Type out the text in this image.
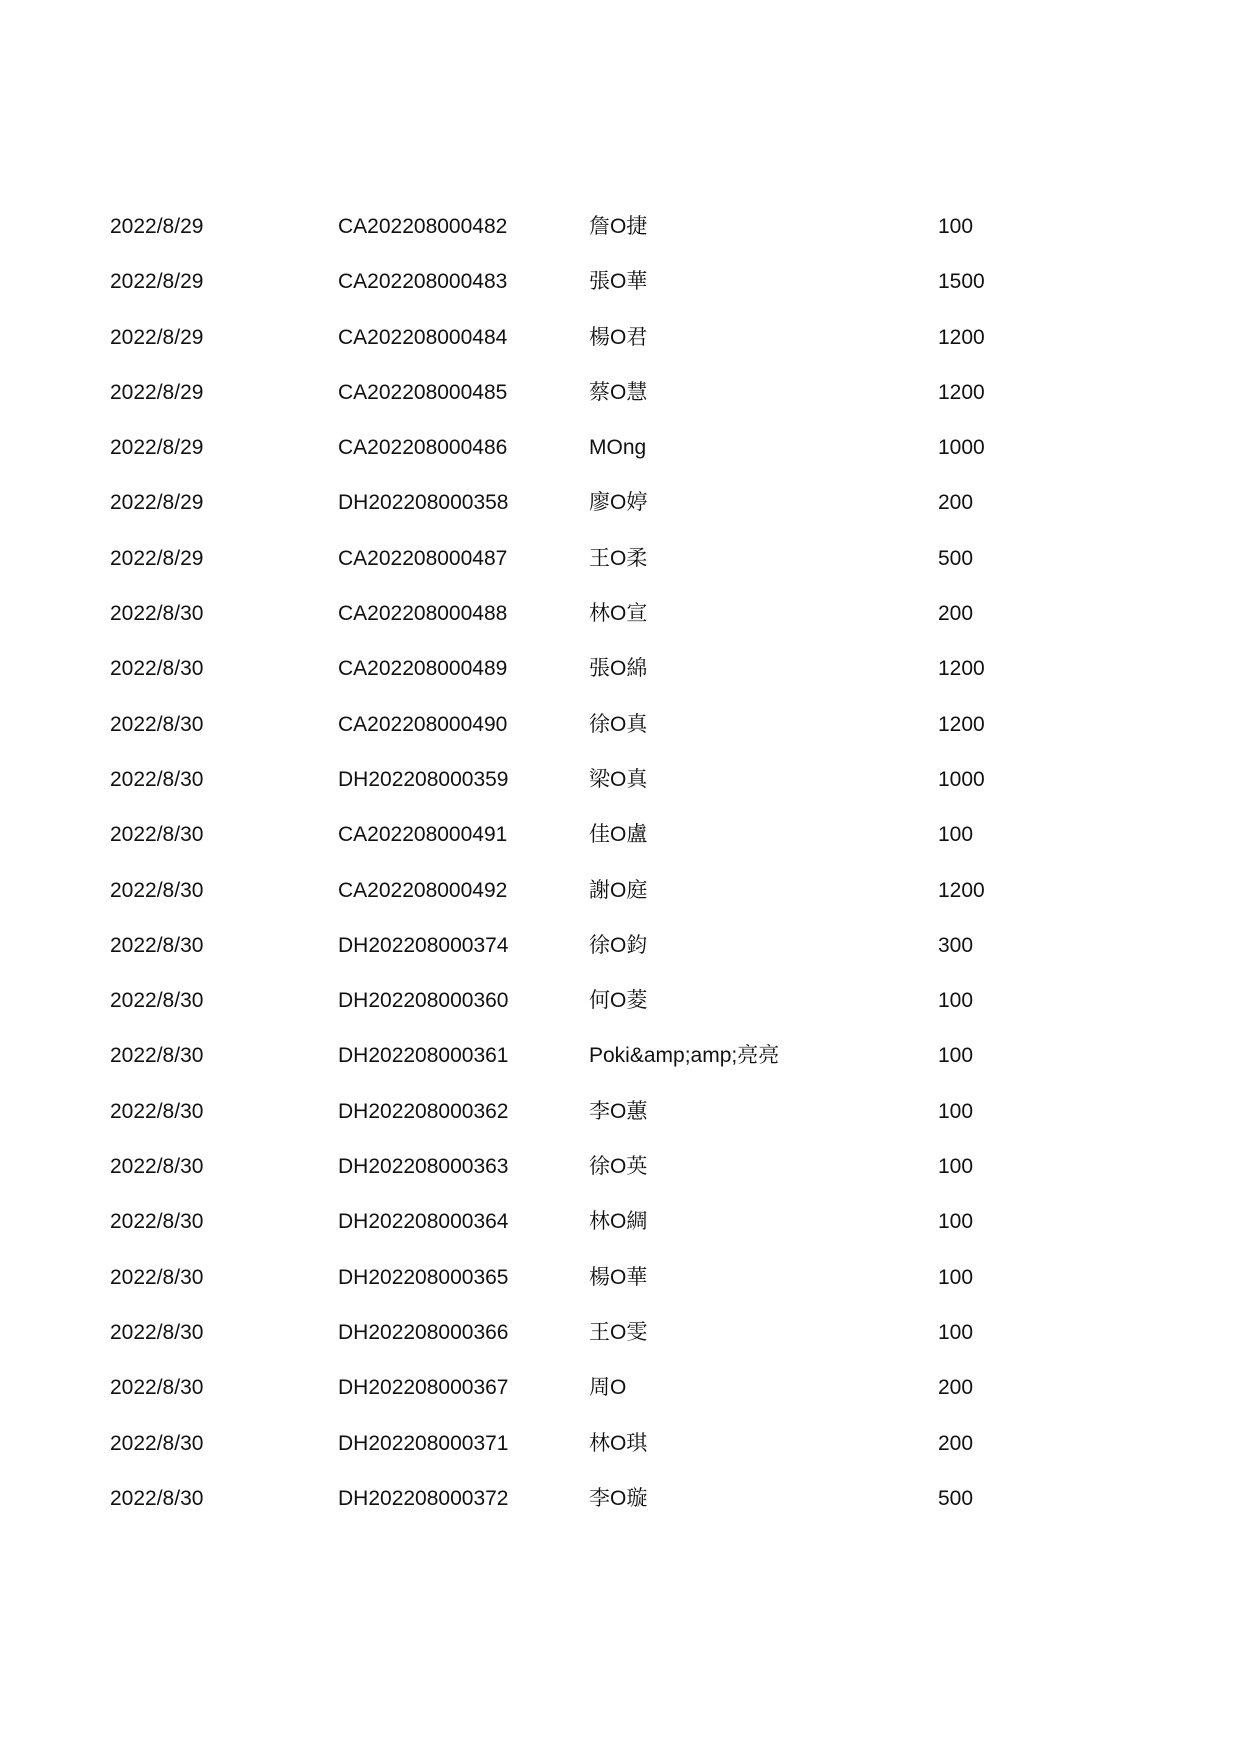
2022/8/29	CA202208000482	詹O捷	100
2022/8/29	CA202208000483	張O華	1500
2022/8/29	CA202208000484	楊O君	1200
2022/8/29	CA202208000485	蔡O慧	1200
2022/8/29	CA202208000486	MOng	1000
2022/8/29	DH202208000358	廖O婷	200
2022/8/29	CA202208000487	王O柔	500
2022/8/30	CA202208000488	林O宣	200
2022/8/30	CA202208000489	張O綿	1200
2022/8/30	CA202208000490	徐O真	1200
2022/8/30	DH202208000359	梁O真	1000
2022/8/30	CA202208000491	佳O盧	100
2022/8/30	CA202208000492	謝O庭	1200
2022/8/30	DH202208000374	徐O鈞	300
2022/8/30	DH202208000360	何O菱	100
2022/8/30	DH202208000361	Poki&amp;amp;亮亮	100
2022/8/30	DH202208000362	李O蕙	100
2022/8/30	DH202208000363	徐O英	100
2022/8/30	DH202208000364	林O綢	100
2022/8/30	DH202208000365	楊O華	100
2022/8/30	DH202208000366	王O雯	100
2022/8/30	DH202208000367	周O	200
2022/8/30	DH202208000371	林O琪	200
2022/8/30	DH202208000372	李O璇	500
